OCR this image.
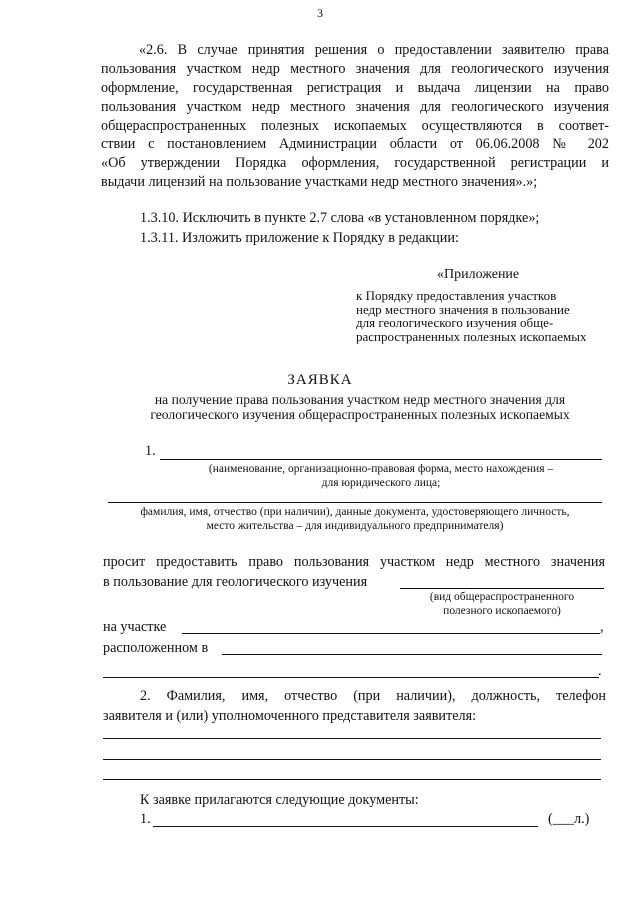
3
«2.6. В случае принятия решения о предоставлении заявителю права
пользования участком недр местного значения для геологического изучения
оформление, государственная регистрация и выдача лицензии на право
пользования участком недр местного значения для геологического изучения
общераспространенных полезных ископаемых осуществляются в соответ-
ствии с постановлением Администрации области от 06.06.2008 № 202
«Об утверждении Порядка оформления, государственной регистрации и
выдачи лицензий на пользование участками недр местного значения».»;
1.3.10. Исключить в пункте 2.7 слова «в установленном порядке»;
1.3.11. Изложить приложение к Порядку в редакции:
«Приложение
к Порядку предоставления участков
недр местного значения в пользование
для геологического изучения обще-
распространенных полезных ископаемых
ЗАЯВКА
на получение права пользования участком недр местного значения для
геологического изучения общераспространенных полезных ископаемых
1.
(наименование, организационно-правовая форма, место нахождения –
для юридического лица;
фамилия, имя, отчество (при наличии), данные документа, удостоверяющего личность,
место жительства – для индивидуального предпринимателя)
просит предоставить право пользования участком недр местного значения
в пользование для геологического изучения
(вид общераспространенного
полезного ископаемого)
на участке	,
расположенном в
.
2. Фамилия, имя, отчество (при наличии), должность, телефон
заявителя и (или) уполномоченного представителя заявителя:
К заявке прилагаются следующие документы:
1.	(___л.)
